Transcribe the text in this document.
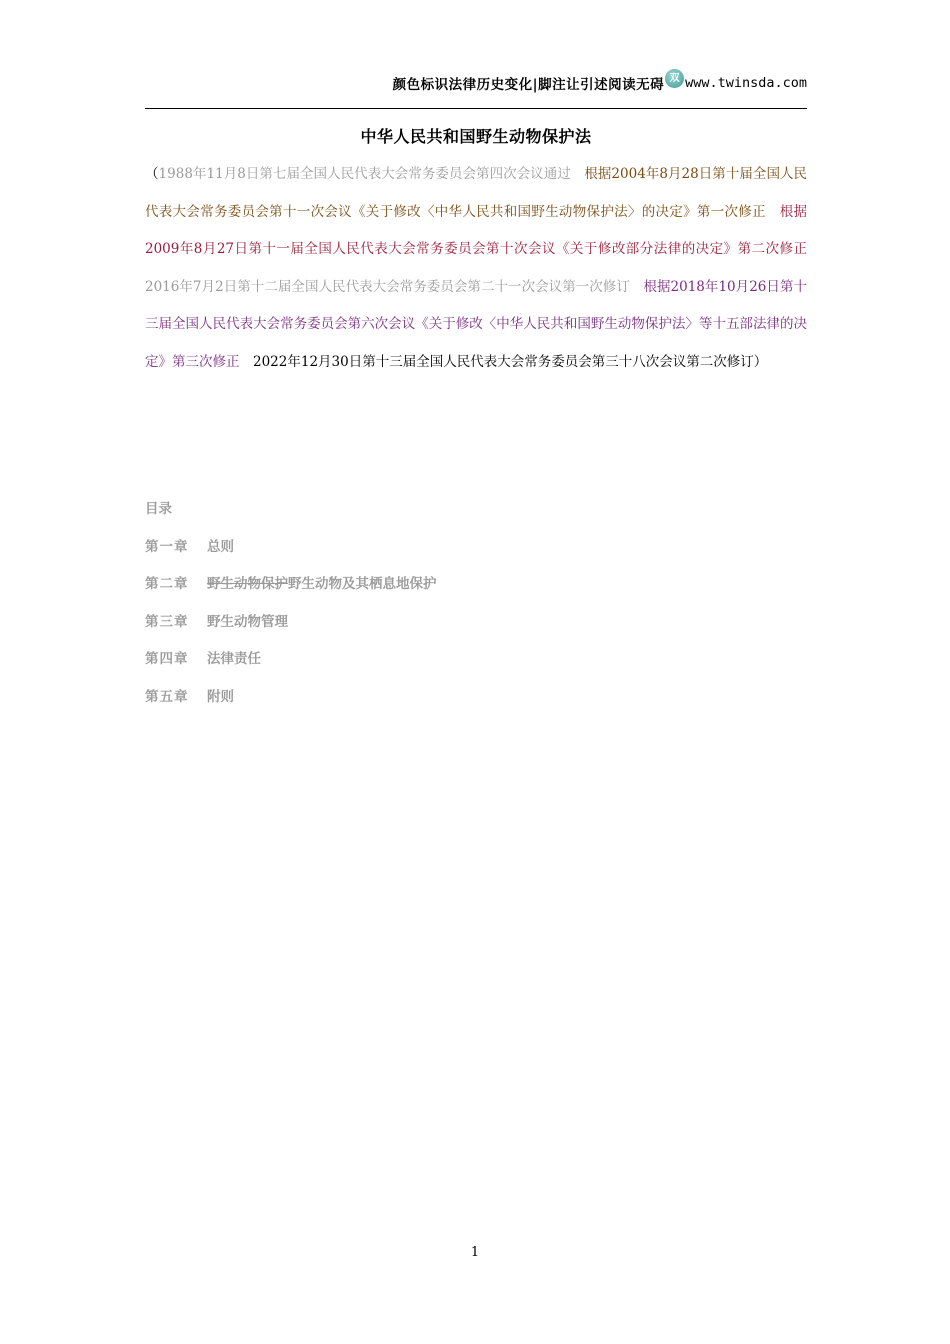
颜色标识法律历史变化|脚注让引述阅读无碍 双 www.twinsda.com
中华人民共和国野生动物保护法
（1988年11月8日第七届全国人民代表大会常务委员会第四次会议通过　 根据2004年8月28日第十届全国人民代表大会常务委员会第十一次会议《关于修改〈中华人民共和国野生动物保护法〉的决定》第一次修正　 根据2009年8月27日第十一届全国人民代表大会常务委员会第十次会议《关于修改部分法律的决定》第二次修正　2016年7月2日第十二届全国人民代表大会常务委员会第二十一次会议第一次修订　 根据2018年10月26日第十三届全国人民代表大会常务委员会第六次会议《关于修改〈中华人民共和国野生动物保护法〉等十五部法律的决定》第三次修正　 2022年12月30日第十三届全国人民代表大会常务委员会第三十八次会议第二次修订）
目录
第一章 总则
第二章 野生动物保护野生动物及其栖息地保护
第三章 野生动物管理
第四章 法律责任
第五章 附则
1
